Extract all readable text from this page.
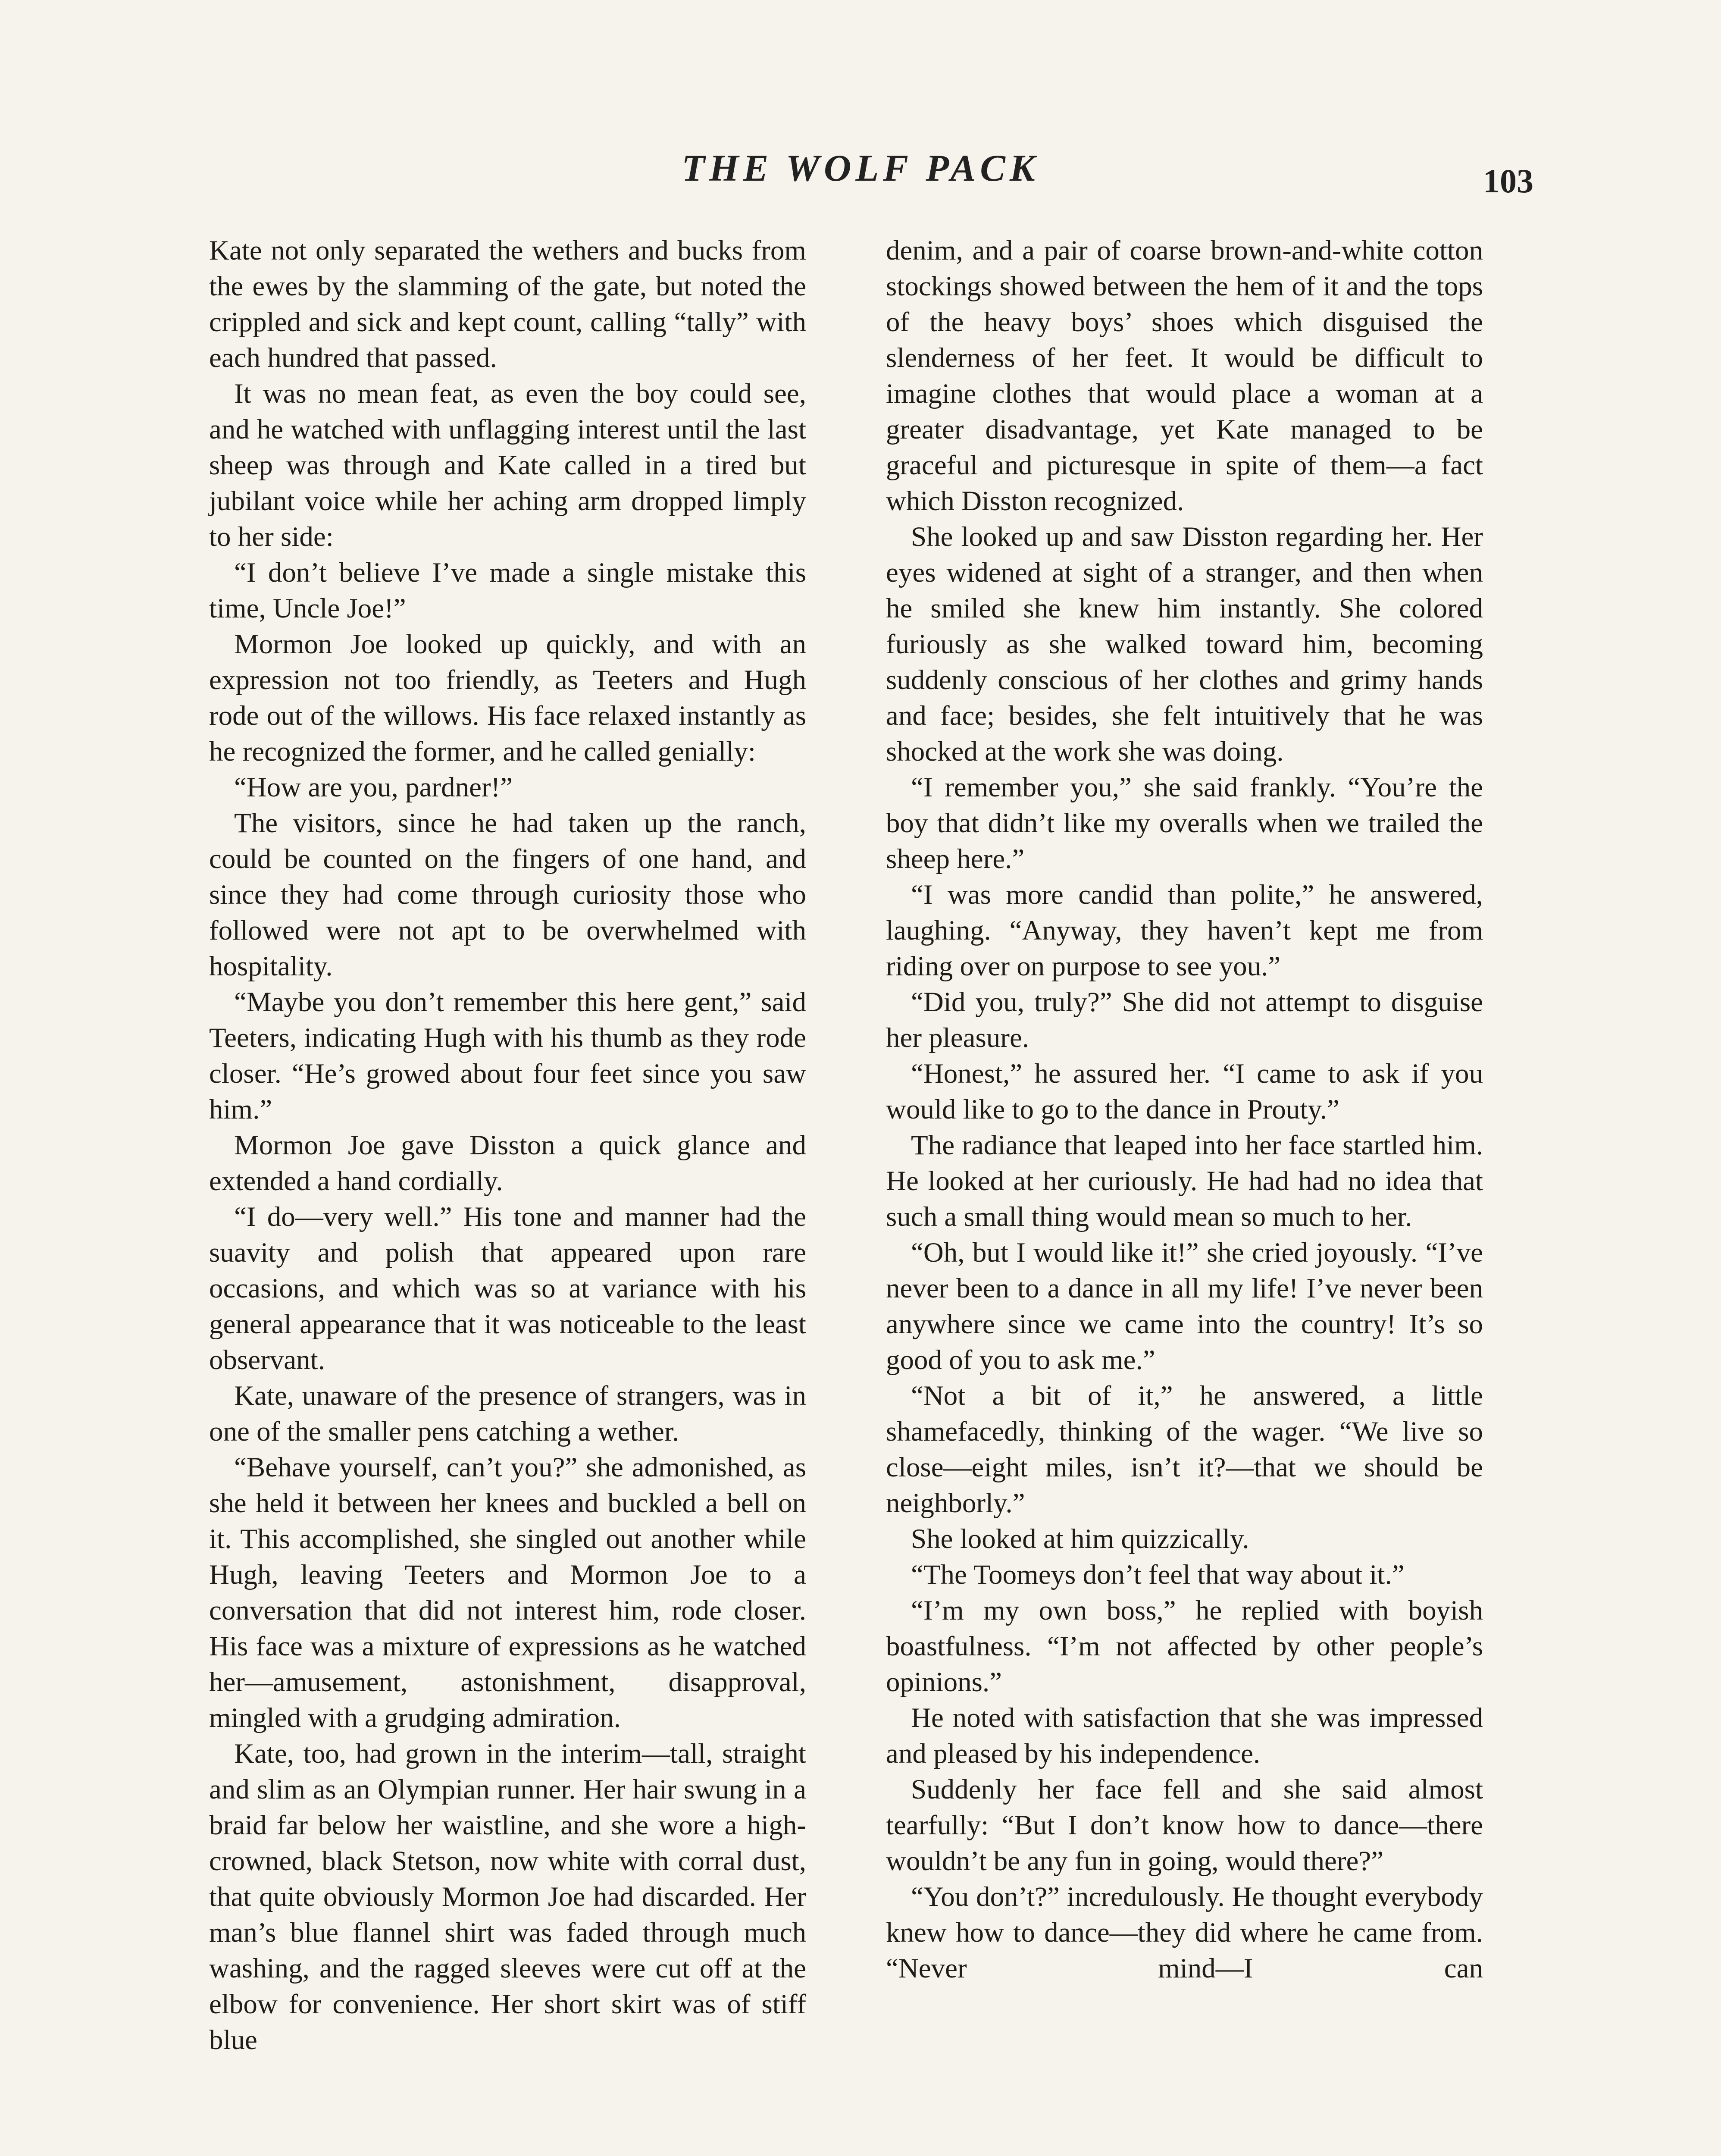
THE WOLF PACK	103

Kate not only separated the wethers and bucks from the ewes by the slamming of the gate, but noted the crippled and sick and kept count, calling “tally” with each hundred that passed.

It was no mean feat, as even the boy could see, and he watched with unflagging interest until the last sheep was through and Kate called in a tired but jubilant voice while her aching arm dropped limply to her side:

“I don’t believe I’ve made a single mistake this time, Uncle Joe!”

Mormon Joe looked up quickly, and with an expression not too friendly, as Teeters and Hugh rode out of the willows. His face relaxed instantly as he recognized the former, and he called genially:

“How are you, pardner!”

The visitors, since he had taken up the ranch, could be counted on the fingers of one hand, and since they had come through curiosity those who followed were not apt to be overwhelmed with hospitality.

“Maybe you don’t remember this here gent,” said Teeters, indicating Hugh with his thumb as they rode closer. “He’s growed about four feet since you saw him.”

Mormon Joe gave Disston a quick glance and extended a hand cordially.

“I do—very well.” His tone and manner had the suavity and polish that appeared upon rare occasions, and which was so at variance with his general appearance that it was noticeable to the least observant.

Kate, unaware of the presence of strangers, was in one of the smaller pens catching a wether.

“Behave yourself, can’t you?” she admonished, as she held it between her knees and buckled a bell on it. This accomplished, she singled out another while Hugh, leaving Teeters and Mormon Joe to a conversation that did not interest him, rode closer. His face was a mixture of expressions as he watched her—amusement, astonishment, disapproval, mingled with a grudging admiration.

Kate, too, had grown in the interim—tall, straight and slim as an Olympian runner. Her hair swung in a braid far below her waistline, and she wore a high-crowned, black Stetson, now white with corral dust, that quite obviously Mormon Joe had discarded. Her man’s blue flannel shirt was faded through much washing, and the ragged sleeves were cut off at the elbow for convenience. Her short skirt was of stiff blue

denim, and a pair of coarse brown-and-white cotton stockings showed between the hem of it and the tops of the heavy boys’ shoes which disguised the slenderness of her feet. It would be difficult to imagine clothes that would place a woman at a greater disadvantage, yet Kate managed to be graceful and picturesque in spite of them—a fact which Disston recognized.

She looked up and saw Disston regarding her. Her eyes widened at sight of a stranger, and then when he smiled she knew him instantly. She colored furiously as she walked toward him, becoming suddenly conscious of her clothes and grimy hands and face; besides, she felt intuitively that he was shocked at the work she was doing.

“I remember you,” she said frankly. “You’re the boy that didn’t like my overalls when we trailed the sheep here.”

“I was more candid than polite,” he answered, laughing. “Anyway, they haven’t kept me from riding over on purpose to see you.”

“Did you, truly?” She did not attempt to disguise her pleasure.

“Honest,” he assured her. “I came to ask if you would like to go to the dance in Prouty.”

The radiance that leaped into her face startled him. He looked at her curiously. He had had no idea that such a small thing would mean so much to her.

“Oh, but I would like it!” she cried joyously. “I’ve never been to a dance in all my life! I’ve never been anywhere since we came into the country! It’s so good of you to ask me.”

“Not a bit of it,” he answered, a little shamefacedly, thinking of the wager. “We live so close—eight miles, isn’t it?—that we should be neighborly.”

She looked at him quizzically.

“The Toomeys don’t feel that way about it.”

“I’m my own boss,” he replied with boyish boastfulness. “I’m not affected by other people’s opinions.”

He noted with satisfaction that she was impressed and pleased by his independence.

Suddenly her face fell and she said almost tearfully: “But I don’t know how to dance—there wouldn’t be any fun in going, would there?”

“You don’t?” incredulously. He thought everybody knew how to dance—they did where he came from. “Never mind—I can
